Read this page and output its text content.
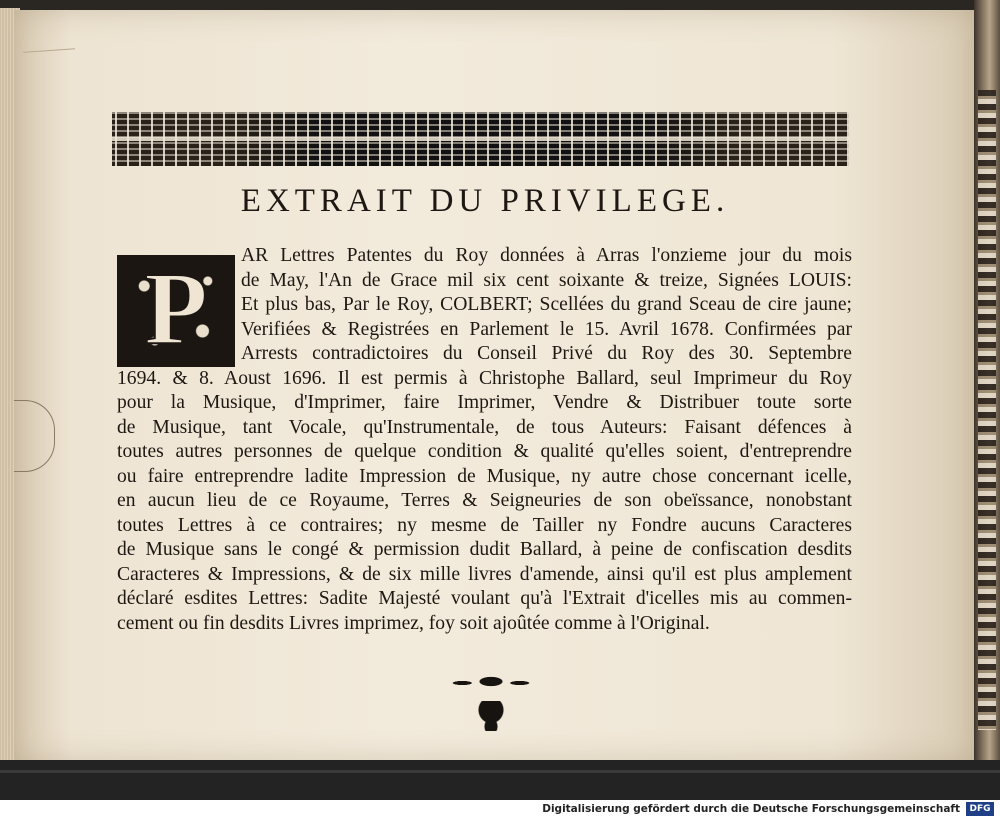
EXTRAIT DU PRIVILEGE.
P	AR Lettres Patentes du Roy données à Arras l'onzieme jour du mois
de May, l'An de Grace mil six cent soixante & treize, Signées LOUIS:
Et plus bas, Par le Roy, COLBERT; Scellées du grand Sceau de cire jaune;
Verifiées & Registrées en Parlement le 15. Avril 1678. Confirmées par
Arrests contradictoires du Conseil Privé du Roy des 30. Septembre
1694. & 8. Aoust 1696. Il est permis à Christophe Ballard, seul Imprimeur du Roy
pour la Musique, d'Imprimer, faire Imprimer, Vendre & Distribuer toute sorte
de Musique, tant Vocale, qu'Instrumentale, de tous Auteurs: Faisant défences à
toutes autres personnes de quelque condition & qualité qu'elles soient, d'entreprendre
ou faire entreprendre ladite Impression de Musique, ny autre chose concernant icelle,
en aucun lieu de ce Royaume, Terres & Seigneuries de son obeïssance, nonobstant
toutes Lettres à ce contraires; ny mesme de Tailler ny Fondre aucuns Caracteres
de Musique sans le congé & permission dudit Ballard, à peine de confiscation desdits
Caracteres & Impressions, & de six mille livres d'amende, ainsi qu'il est plus amplement
déclaré esdites Lettres: Sadite Majesté voulant qu'à l'Extrait d'icelles mis au commen-
cement ou fin desdits Livres imprimez, foy soit ajoûtée comme à l'Original.
Digitalisierung gefördert durch die Deutsche Forschungsgemeinschaft	DFG
